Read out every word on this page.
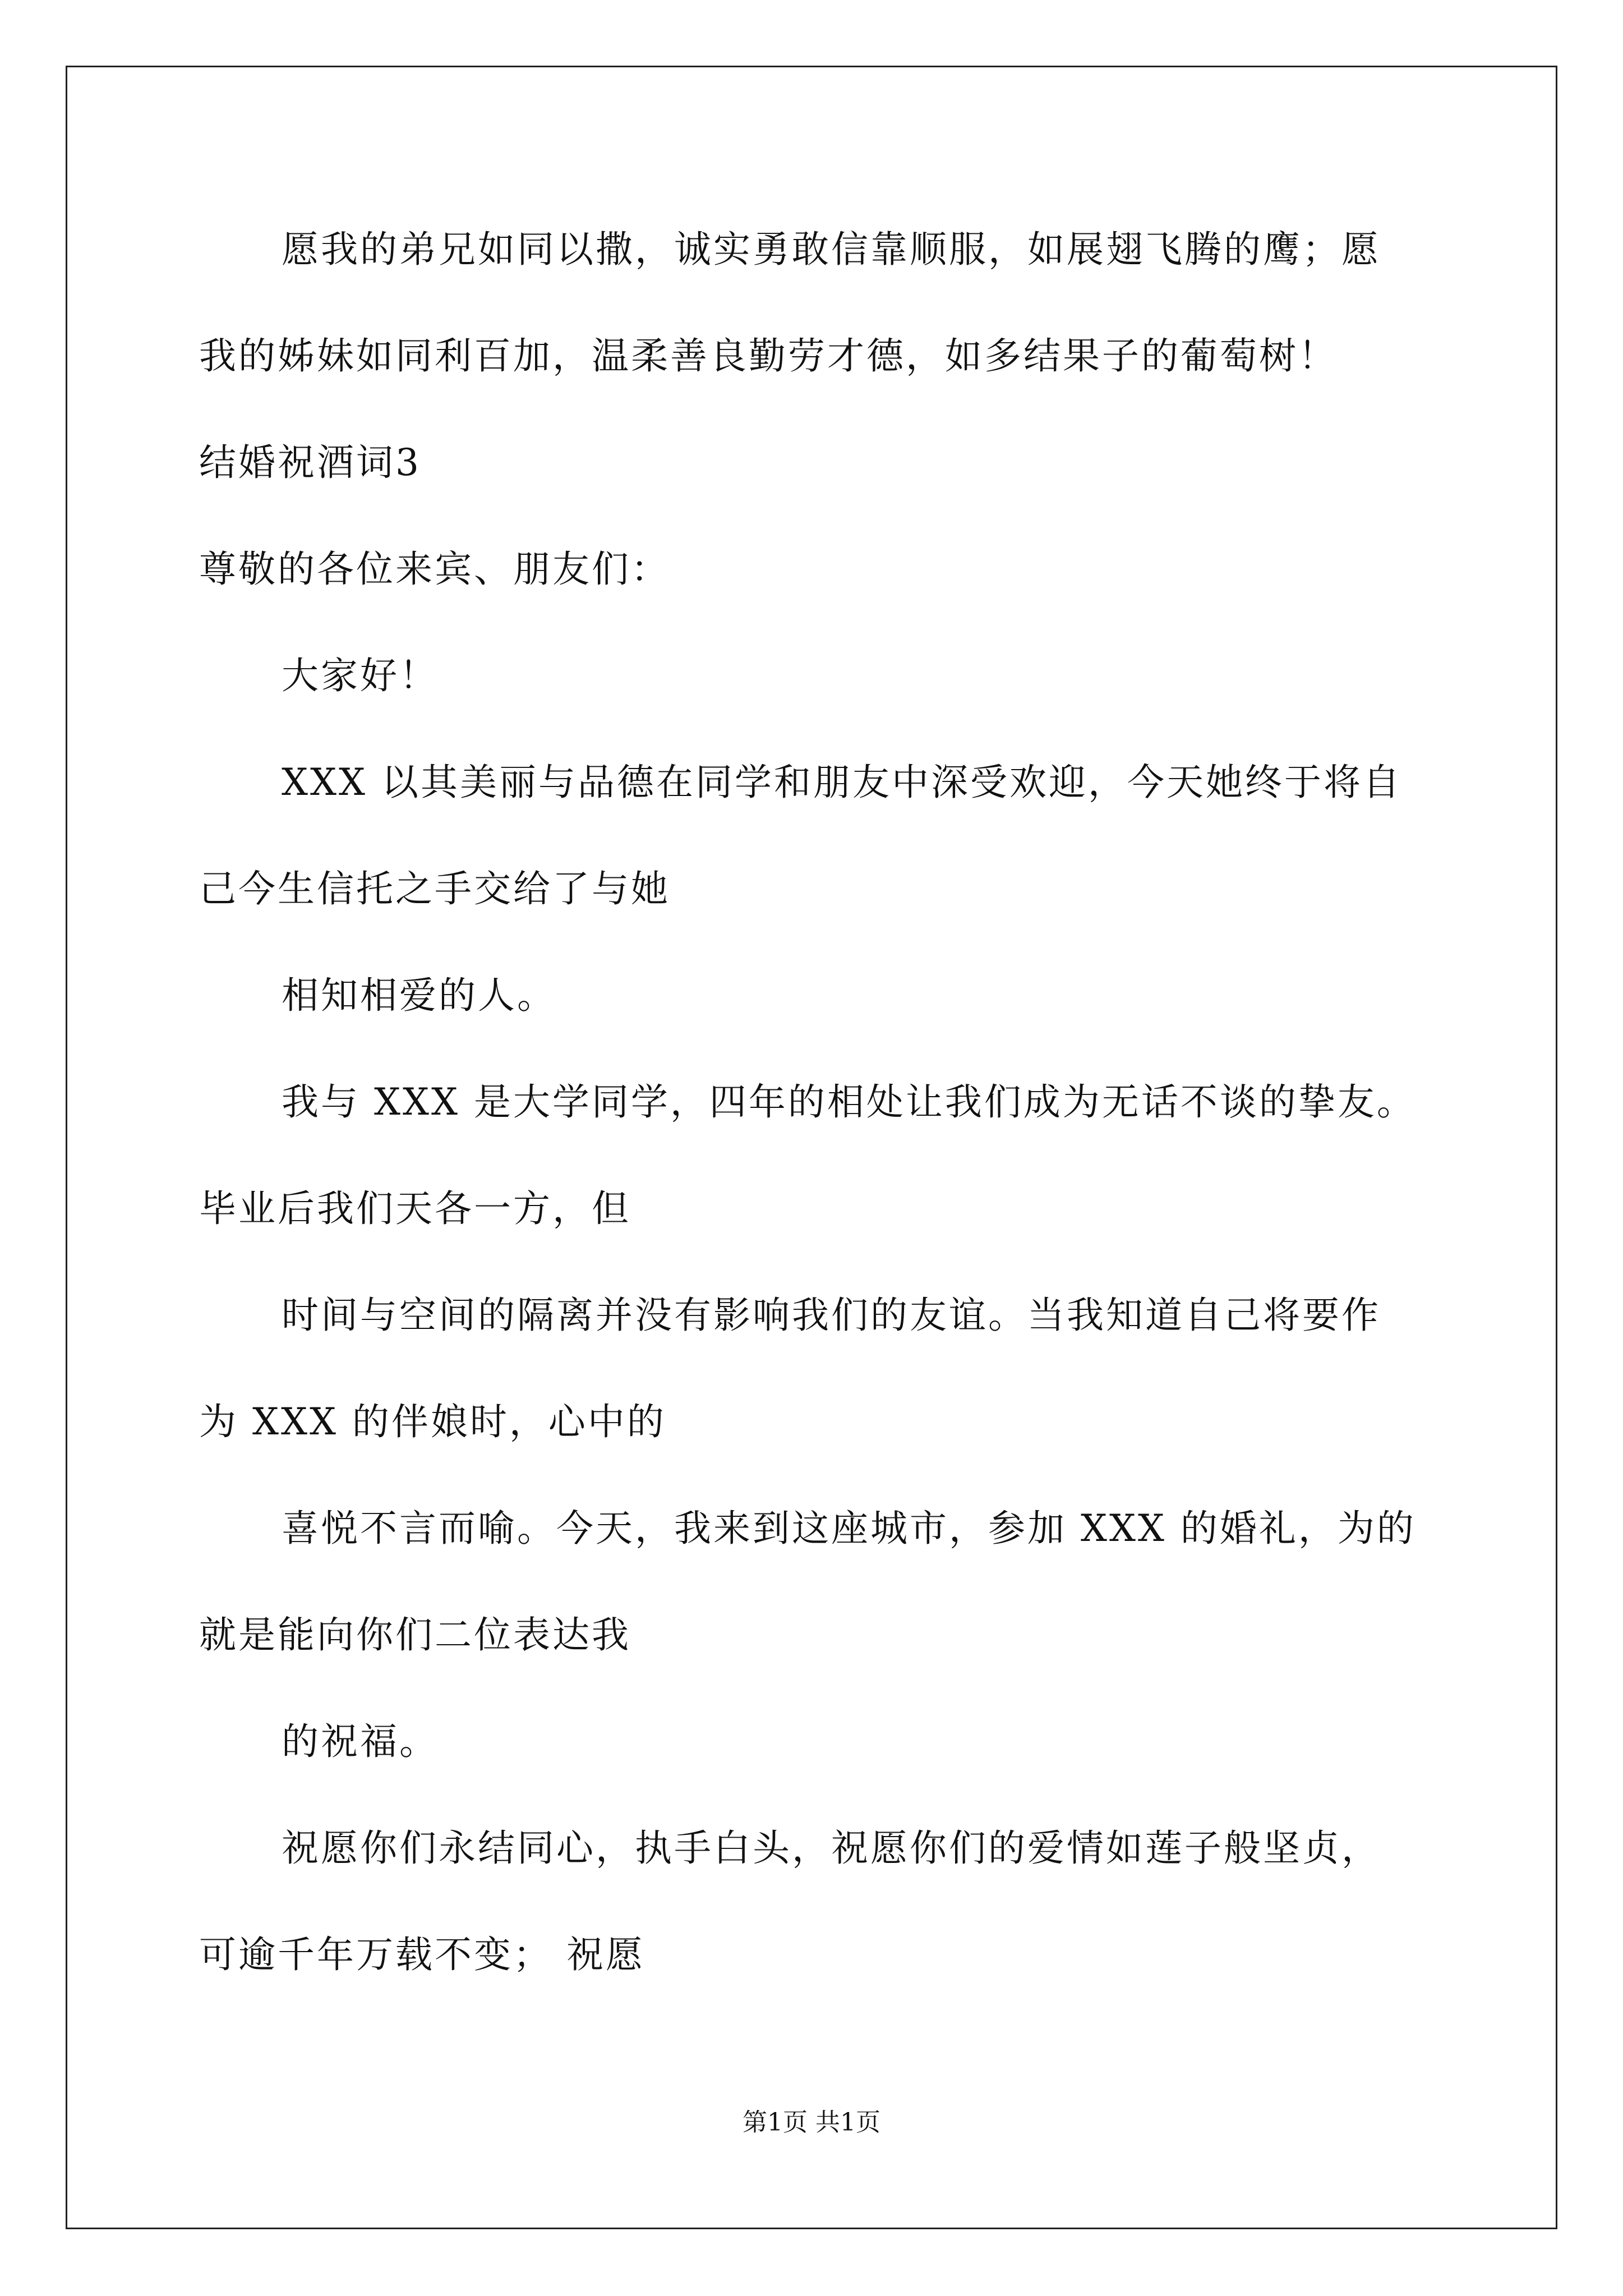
愿我的弟兄如同以撒，诚实勇敢信靠顺服，如展翅飞腾的鹰；愿
我的姊妹如同利百加，温柔善良勤劳才德，如多结果子的葡萄树！
结婚祝酒词3
尊敬的各位来宾、朋友们：
大家好！
XXX 以其美丽与品德在同学和朋友中深受欢迎，今天她终于将自
己今生信托之手交给了与她
相知相爱的人。
我与 XXX 是大学同学，四年的相处让我们成为无话不谈的挚友。
毕业后我们天各一方，但
时间与空间的隔离并没有影响我们的友谊。当我知道自己将要作
为 XXX 的伴娘时，心中的
喜悦不言而喻。今天，我来到这座城市，参加 XXX 的婚礼，为的
就是能向你们二位表达我
的祝福。
祝愿你们永结同心，执手白头，祝愿你们的爱情如莲子般坚贞，
可逾千年万载不变； 祝愿
第1页 共1页
